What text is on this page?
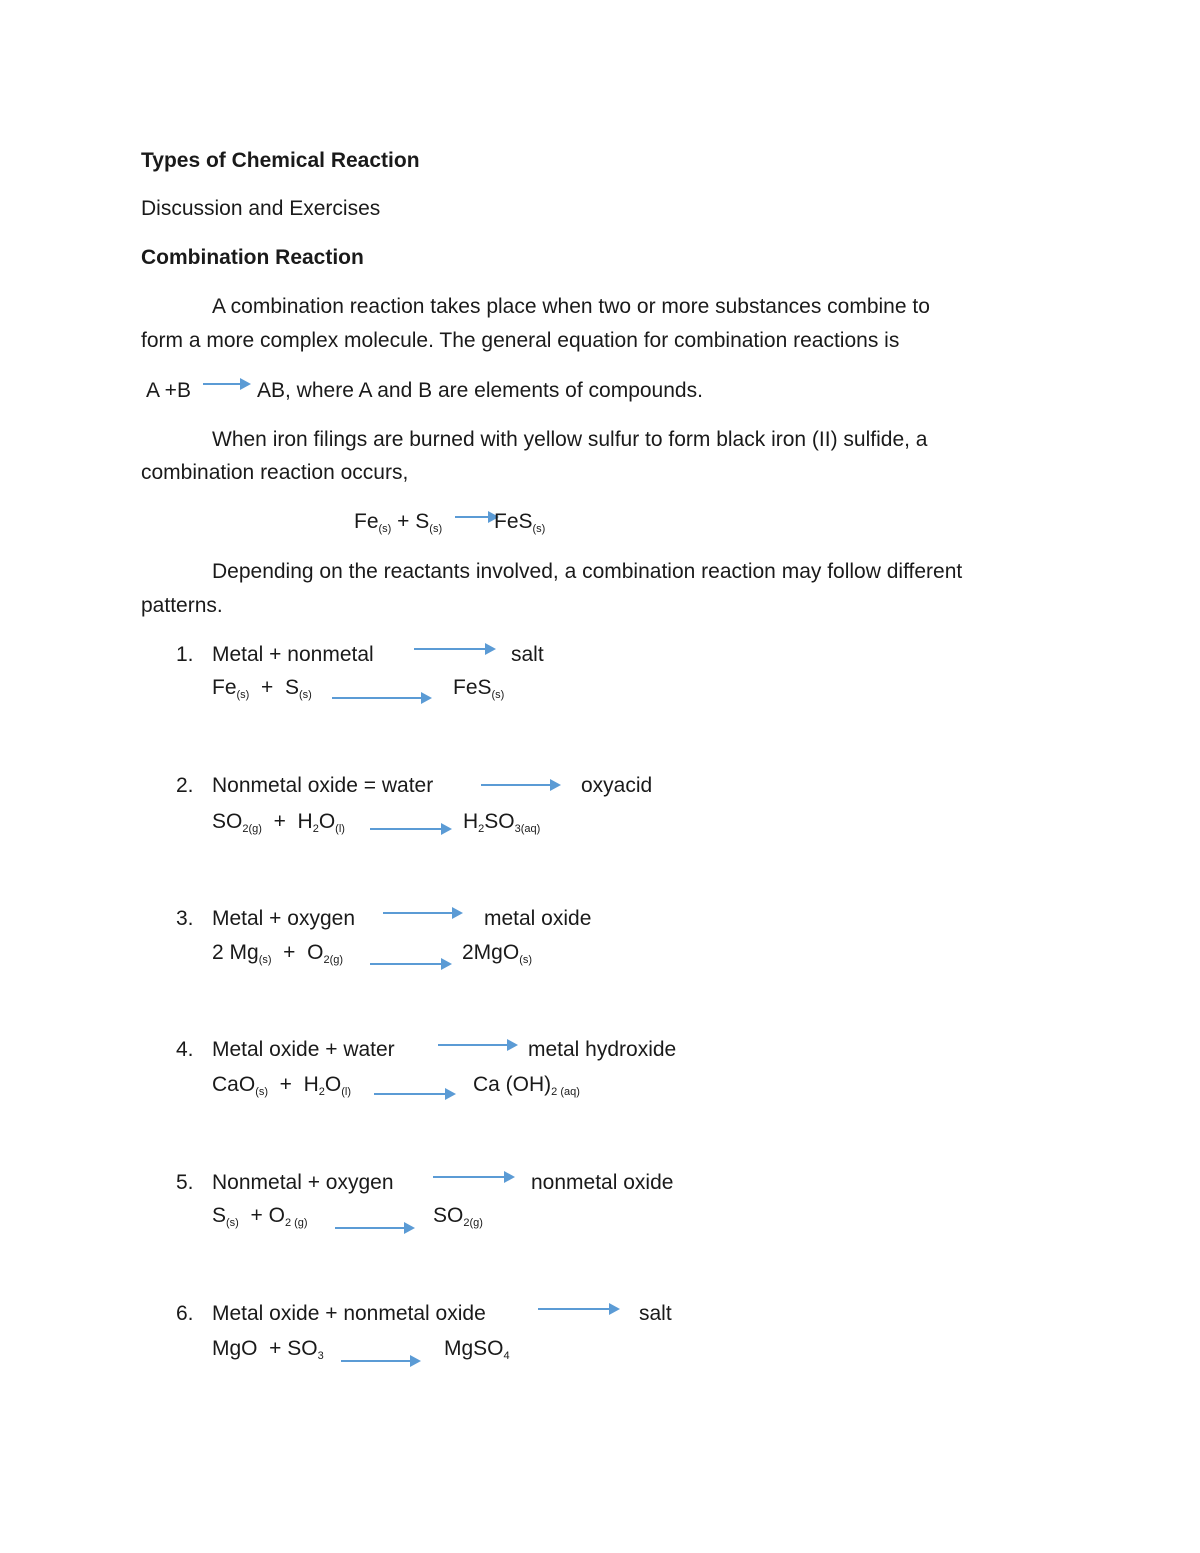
Types of Chemical Reaction
Discussion and Exercises
Combination Reaction
A combination reaction takes place when two or more substances combine to
form a more complex molecule. The general equation for combination reactions is
A +B	AB, where A and B are elements of compounds.
When iron filings are burned with yellow sulfur to form black iron (II) sulfide, a
combination reaction occurs,
$Fe_{(s)} + S_{(s)}$ FeS$_{(s)}$
Depending on the reactants involved, a combination reaction may follow different
patterns.
1. Metal + nonmetal	salt
$Fe_{(s)} + S_{(s)}$	FeS$_{(s)}$
2. Nonmetal oxide = water	oxyacid
$SO_{2(g)} + H_2O_{(l)}$	$H_2SO_{3(aq)}$
3. Metal + oxygen	metal oxide
2 $Mg_{(s)} + O_{2(g)}$	2MgO$_{(s)}$
4. Metal oxide + water	metal hydroxide
$CaO_{(s)} + H_2O_{(l)}$	Ca $(OH)_{2 (aq)}$
5. Nonmetal + oxygen	nonmetal oxide
$S_{(s)} + O_{2 (g)}$	$SO_{2(g)}$
6. Metal oxide + nonmetal oxide	salt
MgO  + $SO_3$	MgSO$_4$
